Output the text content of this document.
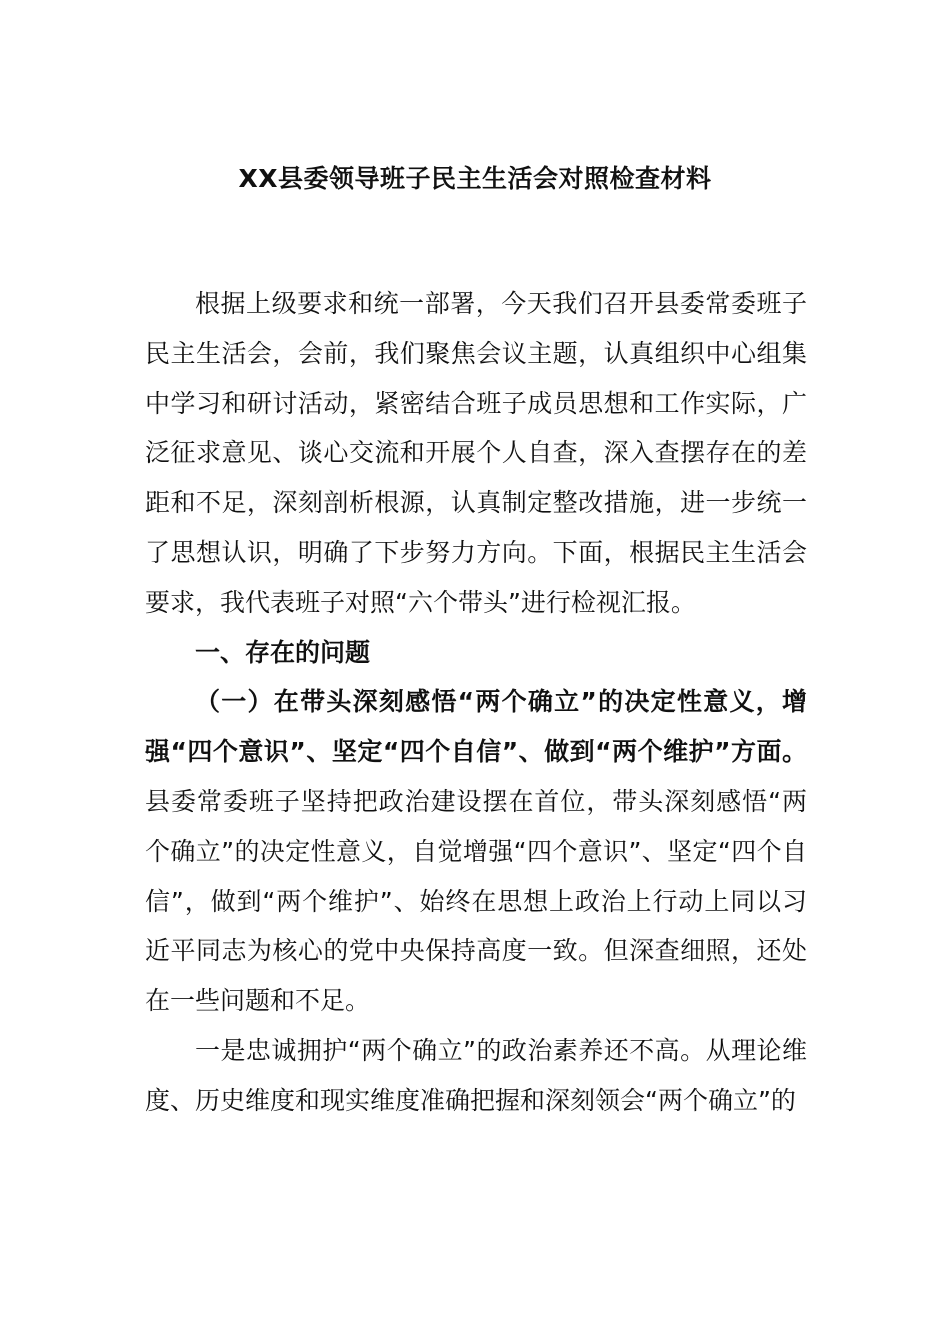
XX县委领导班子民主生活会对照检查材料

根据上级要求和统一部署，今天我们召开县委常委班子民主生活会，会前，我们聚焦会议主题，认真组织中心组集中学习和研讨活动，紧密结合班子成员思想和工作实际，广泛征求意见、谈心交流和开展个人自查，深入查摆存在的差距和不足，深刻剖析根源，认真制定整改措施，进一步统一了思想认识，明确了下步努力方向。下面，根据民主生活会要求，我代表班子对照“六个带头”进行检视汇报。

一、存在的问题

（一）在带头深刻感悟“两个确立”的决定性意义，增强“四个意识”、坚定“四个自信”、做到“两个维护”方面。县委常委班子坚持把政治建设摆在首位，带头深刻感悟“两个确立”的决定性意义，自觉增强“四个意识”、坚定“四个自信”，做到“两个维护”、始终在思想上政治上行动上同以习近平同志为核心的党中央保持高度一致。但深查细照，还处在一些问题和不足。

一是忠诚拥护“两个确立”的政治素养还不高。从理论维度、历史维度和现实维度准确把握和深刻领会“两个确立”的
